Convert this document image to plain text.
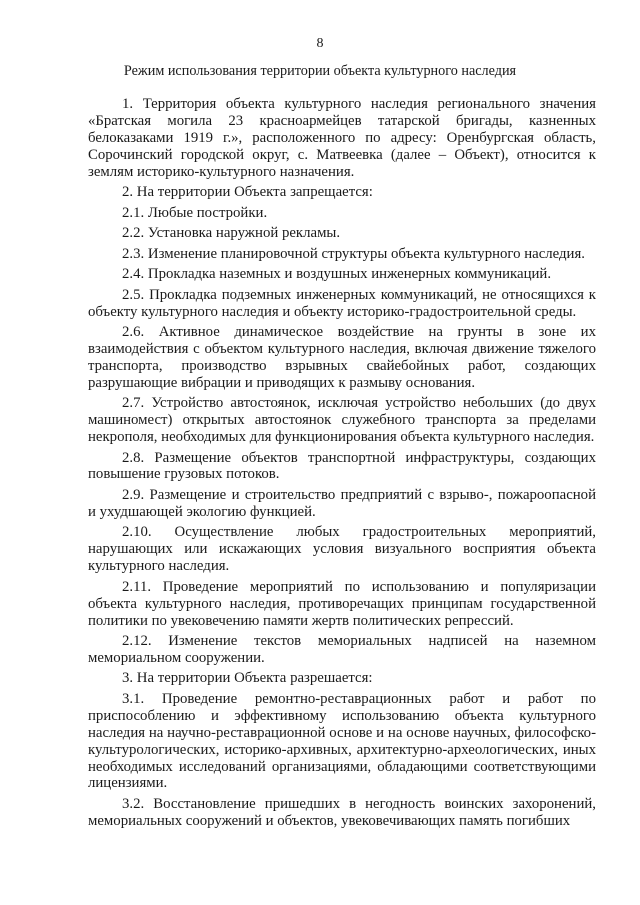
8
Режим использования территории объекта культурного наследия

1. Территория объекта культурного наследия регионального значения «Братская могила 23 красноармейцев татарской бригады, казненных белоказаками 1919 г.», расположенного по адресу: Оренбургская область, Сорочинский городской округ, с. Матвеевка (далее – Объект), относится к землям историко-культурного назначения.

2. На территории Объекта запрещается:

2.1. Любые постройки.

2.2. Установка наружной рекламы.

2.3. Изменение планировочной структуры объекта культурного наследия.

2.4. Прокладка наземных и воздушных инженерных коммуникаций.

2.5. Прокладка подземных инженерных коммуникаций, не относящихся к объекту культурного наследия и объекту историко-градостроительной среды.

2.6. Активное динамическое воздействие на грунты в зоне их взаимодействия с объектом культурного наследия, включая движение тяжелого транспорта, производство взрывных свайебойных работ, создающих разрушающие вибрации и приводящих к размыву основания.

2.7. Устройство автостоянок, исключая устройство небольших (до двух машиномест) открытых автостоянок служебного транспорта за пределами некрополя, необходимых для функционирования объекта культурного наследия.

2.8. Размещение объектов транспортной инфраструктуры, создающих повышение грузовых потоков.

2.9. Размещение и строительство предприятий с взрыво-, пожароопасной и ухудшающей экологию функцией.

2.10. Осуществление любых градостроительных мероприятий, нарушающих или искажающих условия визуального восприятия объекта культурного наследия.

2.11. Проведение мероприятий по использованию и популяризации объекта культурного наследия, противоречащих принципам государственной политики по увековечению памяти жертв политических репрессий.

2.12. Изменение текстов мемориальных надписей на наземном мемориальном сооружении.

3. На территории Объекта разрешается:

3.1. Проведение ремонтно-реставрационных работ и работ по приспособлению и эффективному использованию объекта культурного наследия на научно-реставрационной основе и на основе научных, философско-культурологических, историко-архивных, архитектурно-археологических, иных необходимых исследований организациями, обладающими соответствующими лицензиями.

3.2. Восстановление пришедших в негодность воинских захоронений, мемориальных сооружений и объектов, увековечивающих память погибших
